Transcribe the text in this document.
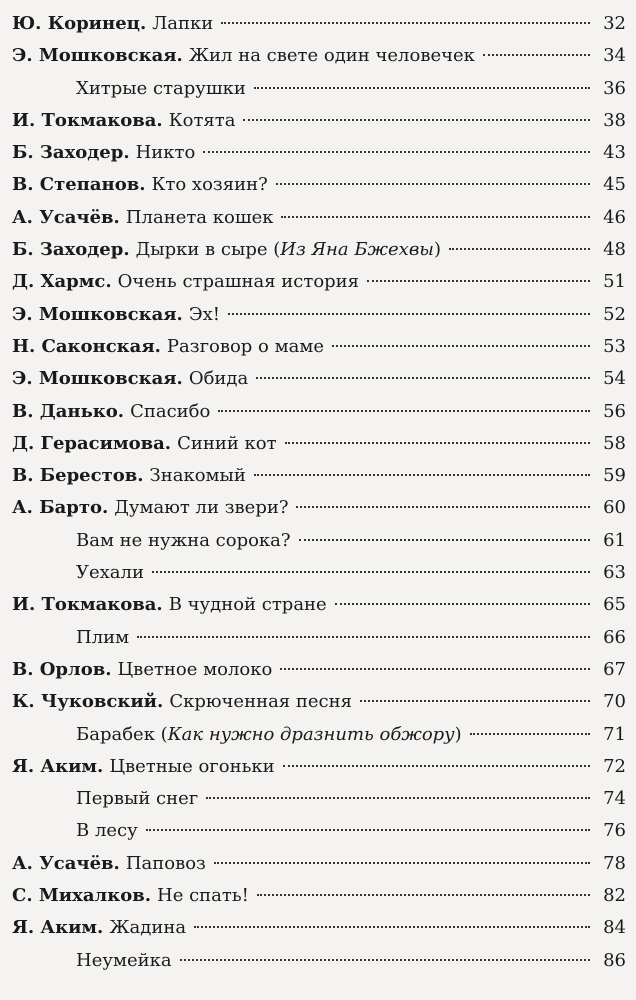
Ю. Коринец. Лапки	32
Э. Мошковская. Жил на свете один человечек	34
Хитрые старушки	36
И. Токмакова. Котята	38
Б. Заходер. Никто	43
В. Степанов. Кто хозяин?	45
А. Усачёв. Планета кошек	46
Б. Заходер. Дырки в сыре (Из Яна Бжехвы)	48
Д. Хармс. Очень страшная история	51
Э. Мошковская. Эх!	52
Н. Саконская. Разговор о маме	53
Э. Мошковская. Обида	54
В. Данько. Спасибо	56
Д. Герасимова. Синий кот	58
В. Берестов. Знакомый	59
А. Барто. Думают ли звери?	60
Вам не нужна сорока?	61
Уехали	63
И. Токмакова. В чудной стране	65
Плим	66
В. Орлов. Цветное молоко	67
К. Чуковский. Скрюченная песня	70
Барабек (Как нужно дразнить обжору)	71
Я. Аким. Цветные огоньки	72
Первый снег	74
В лесу	76
А. Усачёв. Паповоз	78
С. Михалков. Не спать!	82
Я. Аким. Жадина	84
Неумейка	86
